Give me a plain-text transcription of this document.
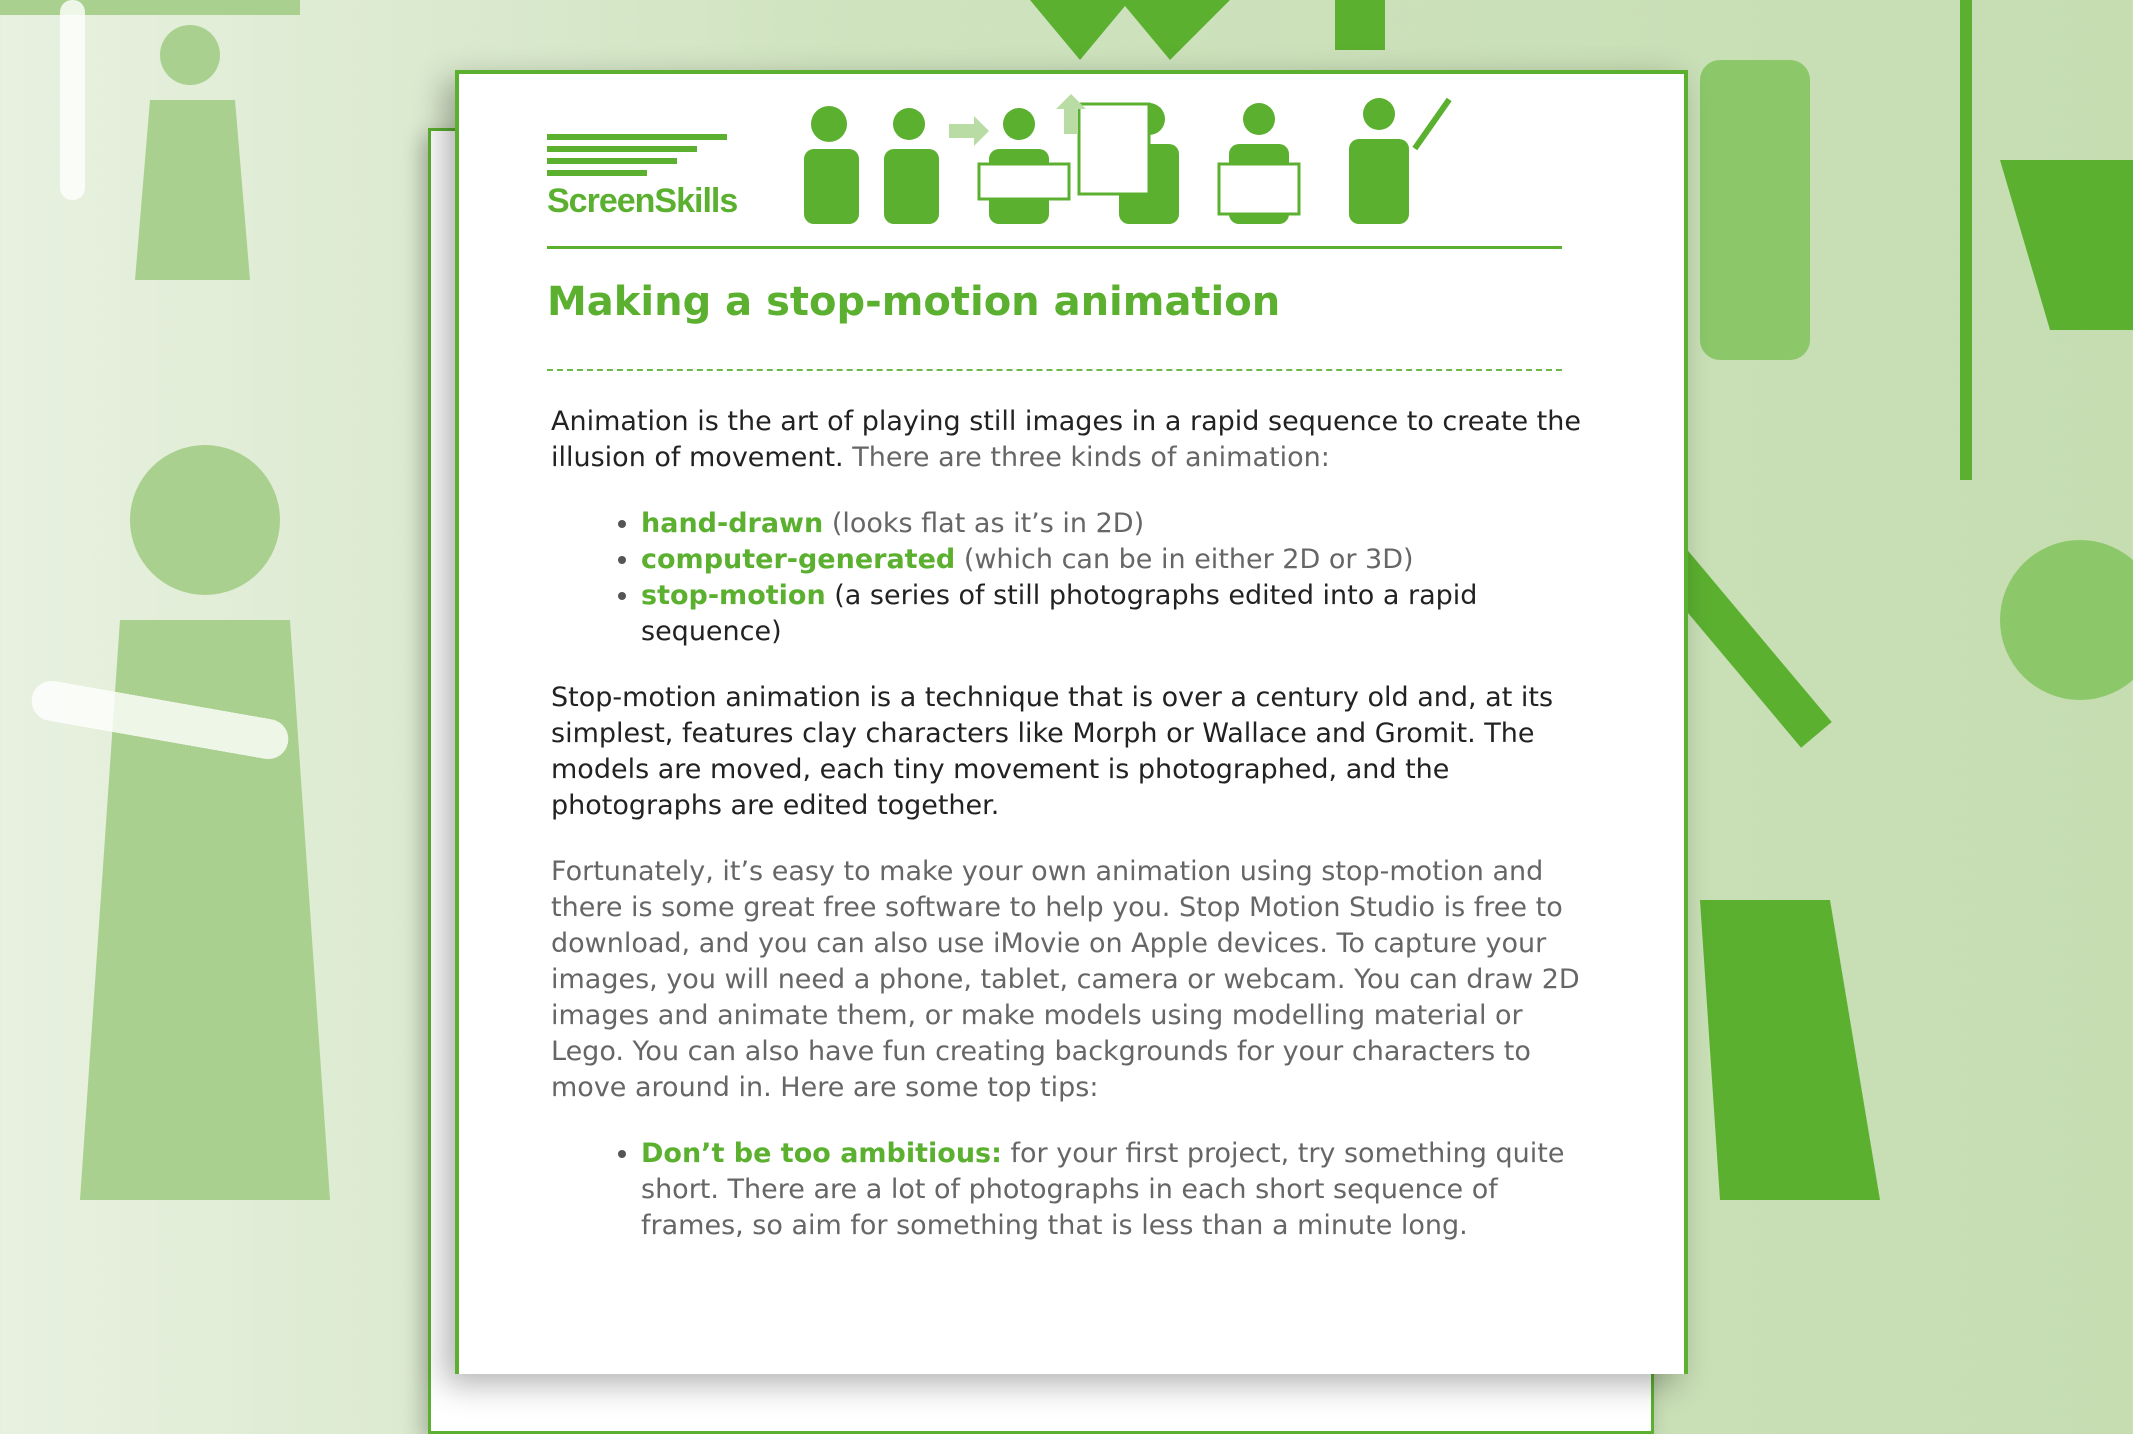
ScreenSkills
Making a stop-motion animation

Animation is the art of playing still images in a rapid sequence to create the illusion of movement. There are three kinds of animation:

• hand-drawn (looks flat as it’s in 2D)
• computer-generated (which can be in either 2D or 3D)
• stop-motion (a series of still photographs edited into a rapid sequence)

Stop-motion animation is a technique that is over a century old and, at its simplest, features clay characters like Morph or Wallace and Gromit. The models are moved, each tiny movement is photographed, and the photographs are edited together.

Fortunately, it’s easy to make your own animation using stop-motion and there is some great free software to help you. Stop Motion Studio is free to download, and you can also use iMovie on Apple devices. To capture your images, you will need a phone, tablet, camera or webcam. You can draw 2D images and animate them, or make models using modelling material or Lego. You can also have fun creating backgrounds for your characters to move around in. Here are some top tips:

• Don’t be too ambitious: for your first project, try something quite short. There are a lot of photographs in each short sequence of frames, so aim for something that is less than a minute long.
